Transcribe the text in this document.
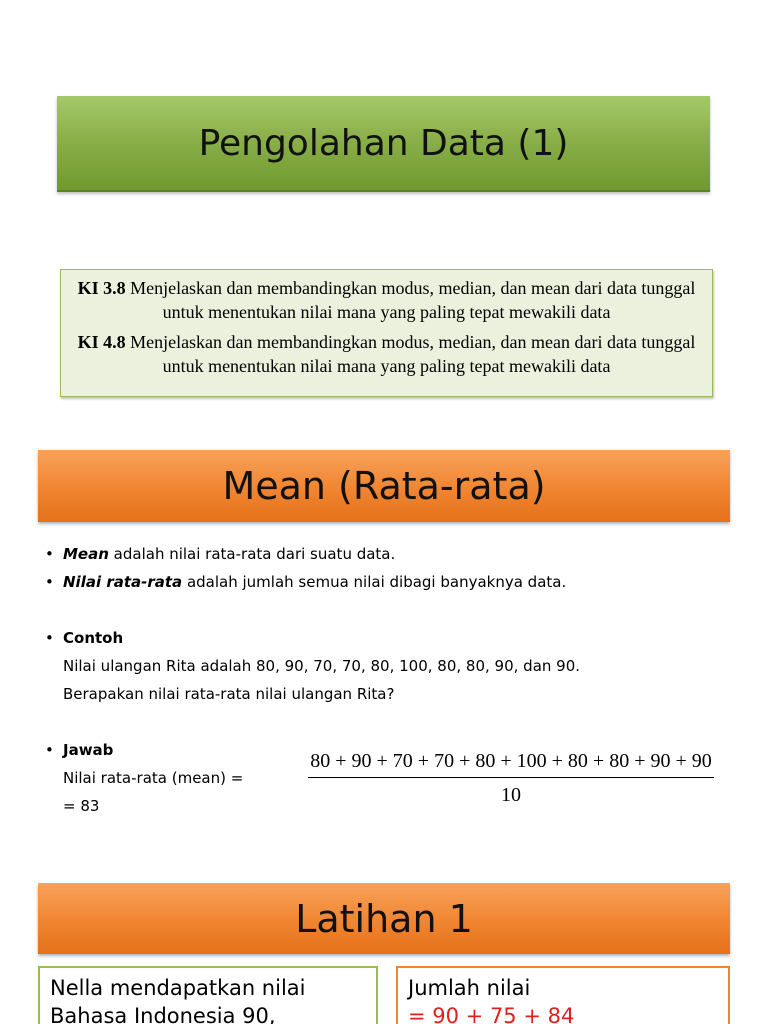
Pengolahan Data (1)

KI 3.8 Menjelaskan dan membandingkan modus, median, dan mean dari data tunggal untuk menentukan nilai mana yang paling tepat mewakili data

KI 4.8 Menjelaskan dan membandingkan modus, median, dan mean dari data tunggal untuk menentukan nilai mana yang paling tepat mewakili data

Mean (Rata-rata)
• Mean adalah nilai rata-rata dari suatu data.
• Nilai rata-rata adalah jumlah semua nilai dibagi banyaknya data.
• Contoh
Nilai ulangan Rita adalah 80, 90, 70, 70, 80, 100, 80, 80, 90, dan 90.
Berapakan nilai rata-rata nilai ulangan Rita?
• Jawab
Nilai rata-rata (mean) =
= 83
80 + 90 + 70 + 70 + 80 + 100 + 80 + 80 + 90 + 90
10
Latihan 1
Nella mendapatkan nilai
Bahasa Indonesia 90,
Jumlah nilai
= 90 + 75 + 84
